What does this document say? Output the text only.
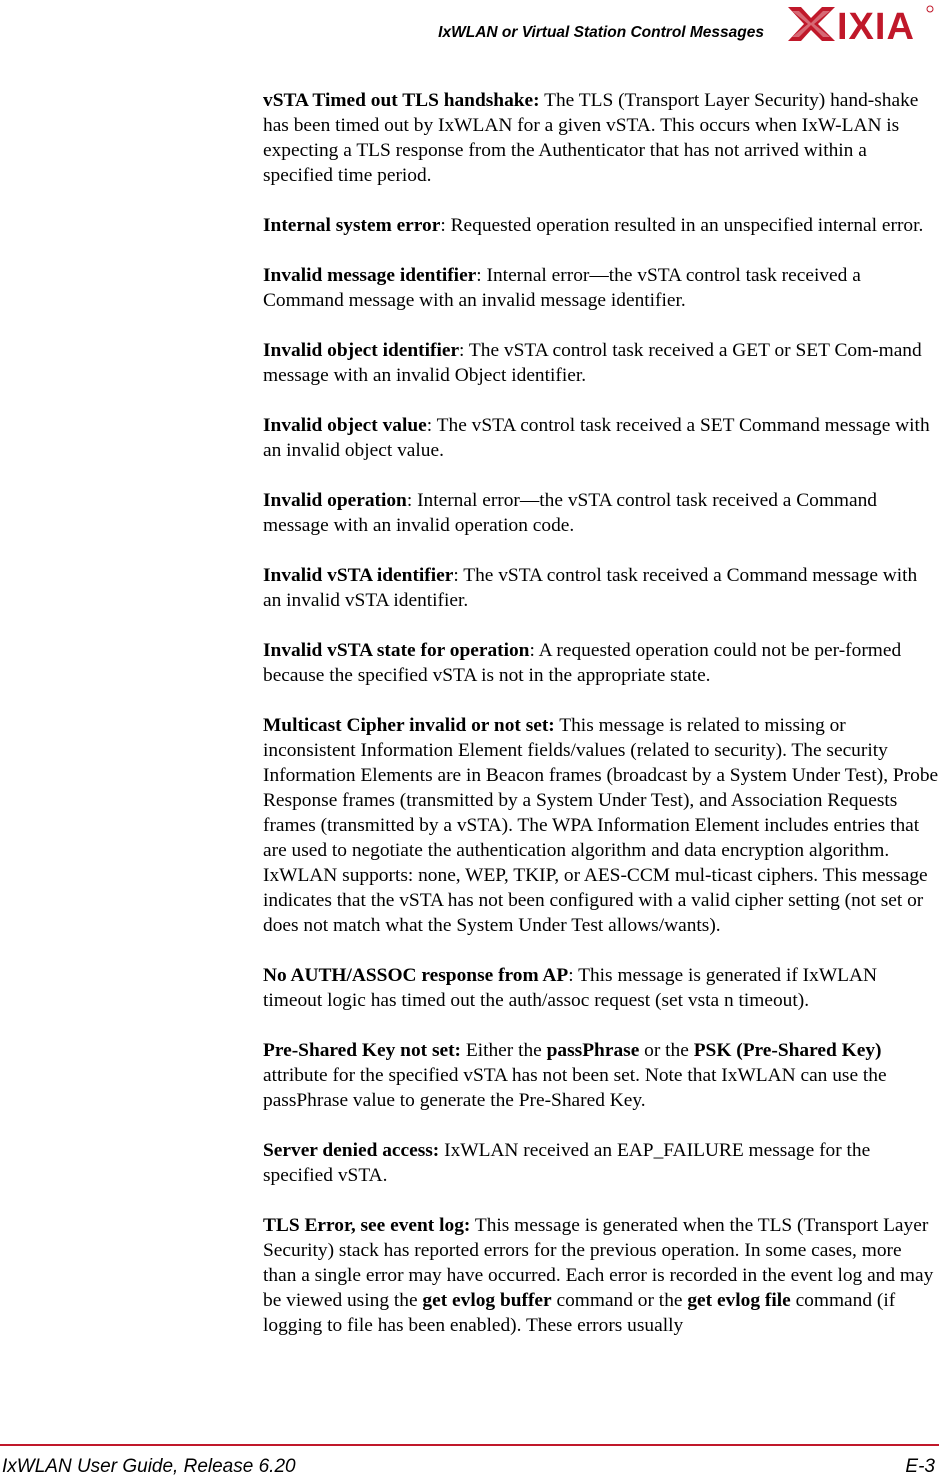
IxWLAN or Virtual Station Control Messages IXIA

vSTA Timed out TLS handshake: The TLS (Transport Layer Security) hand-shake has been timed out by IxWLAN for a given vSTA. This occurs when IxW-LAN is expecting a TLS response from the Authenticator that has not arrived within a specified time period.

Internal system error: Requested operation resulted in an unspecified internal error.

Invalid message identifier: Internal error—the vSTA control task received a Command message with an invalid message identifier.

Invalid object identifier: The vSTA control task received a GET or SET Com-mand message with an invalid Object identifier.

Invalid object value: The vSTA control task received a SET Command message with an invalid object value.

Invalid operation: Internal error—the vSTA control task received a Command message with an invalid operation code.

Invalid vSTA identifier: The vSTA control task received a Command message with an invalid vSTA identifier.

Invalid vSTA state for operation: A requested operation could not be per-formed because the specified vSTA is not in the appropriate state.

Multicast Cipher invalid or not set: This message is related to missing or inconsistent Information Element fields/values (related to security). The security Information Elements are in Beacon frames (broadcast by a System Under Test), Probe Response frames (transmitted by a System Under Test), and Association Requests frames (transmitted by a vSTA). The WPA Information Element includes entries that are used to negotiate the authentication algorithm and data encryption algorithm. IxWLAN supports: none, WEP, TKIP, or AES-CCM mul-ticast ciphers. This message indicates that the vSTA has not been configured with a valid cipher setting (not set or does not match what the System Under Test allows/wants).

No AUTH/ASSOC response from AP: This message is generated if IxWLAN timeout logic has timed out the auth/assoc request (set vsta n timeout).

Pre-Shared Key not set: Either the passPhrase or the PSK (Pre-Shared Key) attribute for the specified vSTA has not been set. Note that IxWLAN can use the passPhrase value to generate the Pre-Shared Key.

Server denied access: IxWLAN received an EAP_FAILURE message for the specified vSTA.

TLS Error, see event log: This message is generated when the TLS (Transport Layer Security) stack has reported errors for the previous operation. In some cases, more than a single error may have occurred. Each error is recorded in the event log and may be viewed using the get evlog buffer command or the get evlog file command (if logging to file has been enabled). These errors usually

IxWLAN User Guide, Release 6.20	E-3
